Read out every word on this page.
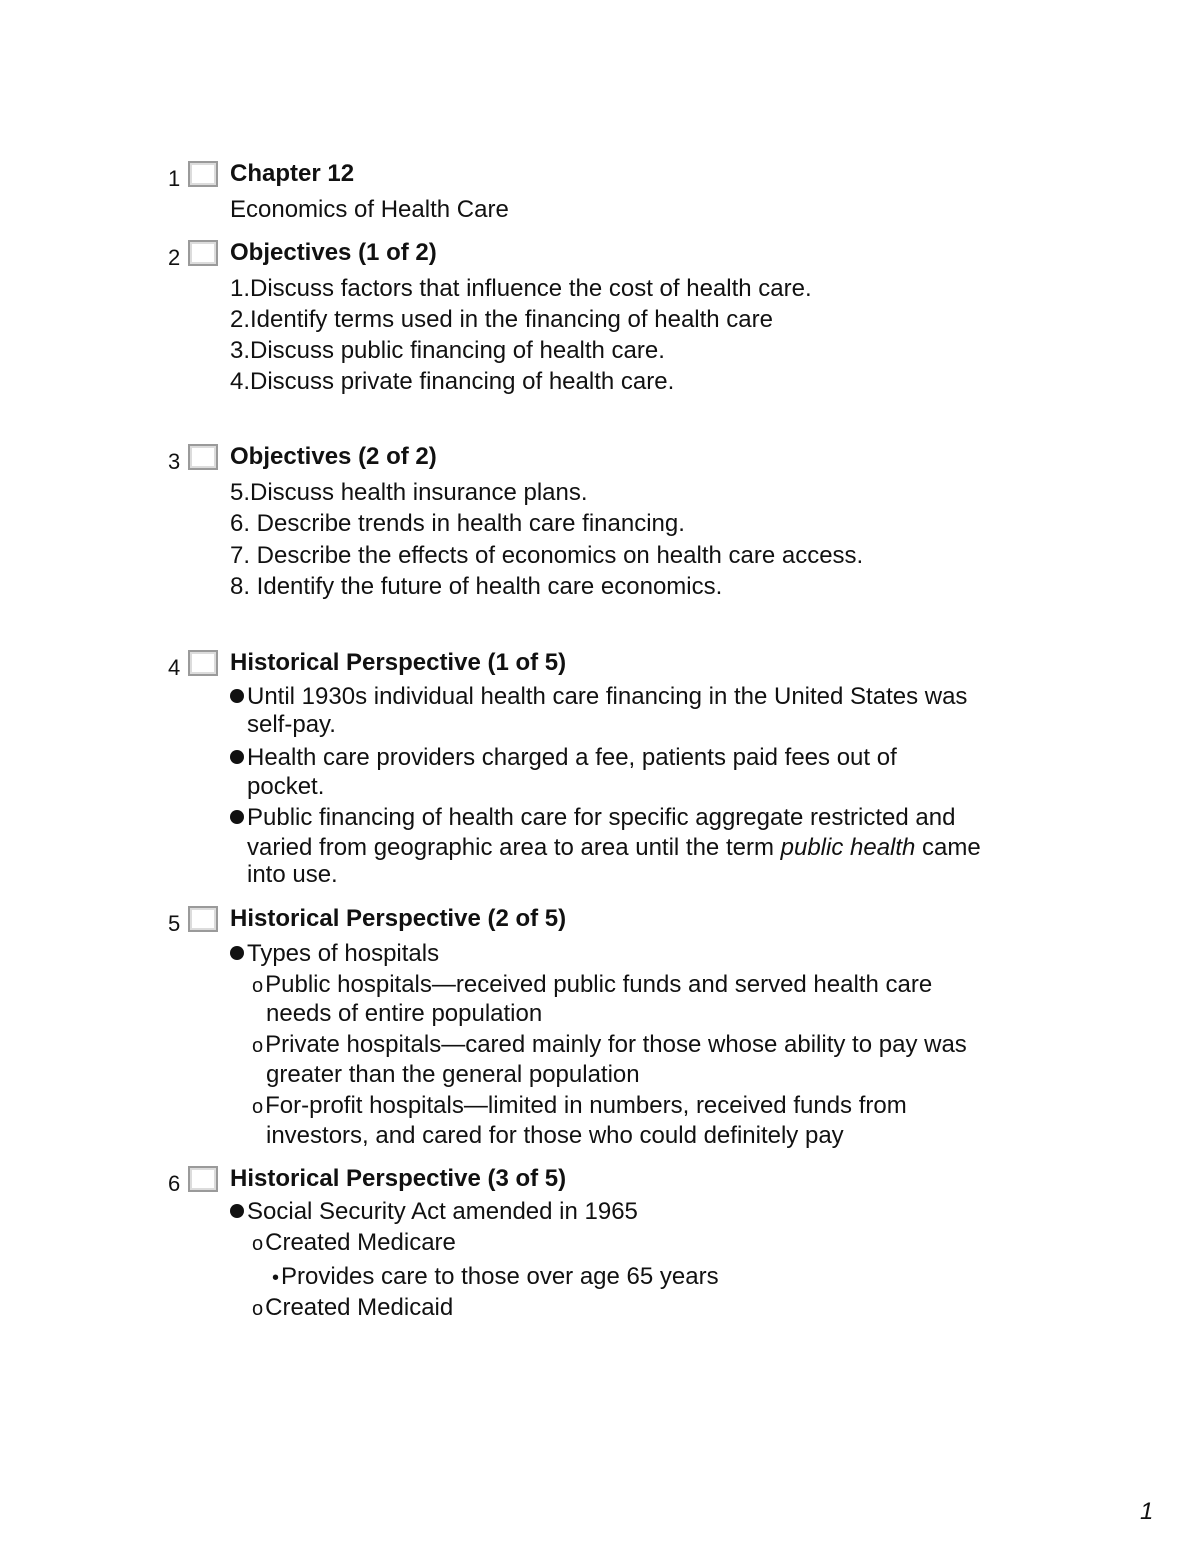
1 Chapter 12
Economics of Health Care
2 Objectives (1 of 2)
1.Discuss factors that influence the cost of health care.
2.Identify terms used in the financing of health care
3.Discuss public financing of health care.
4.Discuss private financing of health care.
3 Objectives (2 of 2)
5.Discuss health insurance plans.
6. Describe trends in health care financing.
7. Describe the effects of economics on health care access.
8. Identify the future of health care economics.
4 Historical Perspective (1 of 5)
Until 1930s individual health care financing in the United States was
self-pay.
Health care providers charged a fee, patients paid fees out of
pocket.
Public financing of health care for specific aggregate restricted and
varied from geographic area to area until the term public health came
into use.
5 Historical Perspective (2 of 5)
Types of hospitals
oPublic hospitals—received public funds and served health care
needs of entire population
oPrivate hospitals—cared mainly for those whose ability to pay was
greater than the general population
oFor-profit hospitals—limited in numbers, received funds from
investors, and cared for those who could definitely pay
6 Historical Perspective (3 of 5)
Social Security Act amended in 1965
oCreated Medicare
•Provides care to those over age 65 years
oCreated Medicaid
1
